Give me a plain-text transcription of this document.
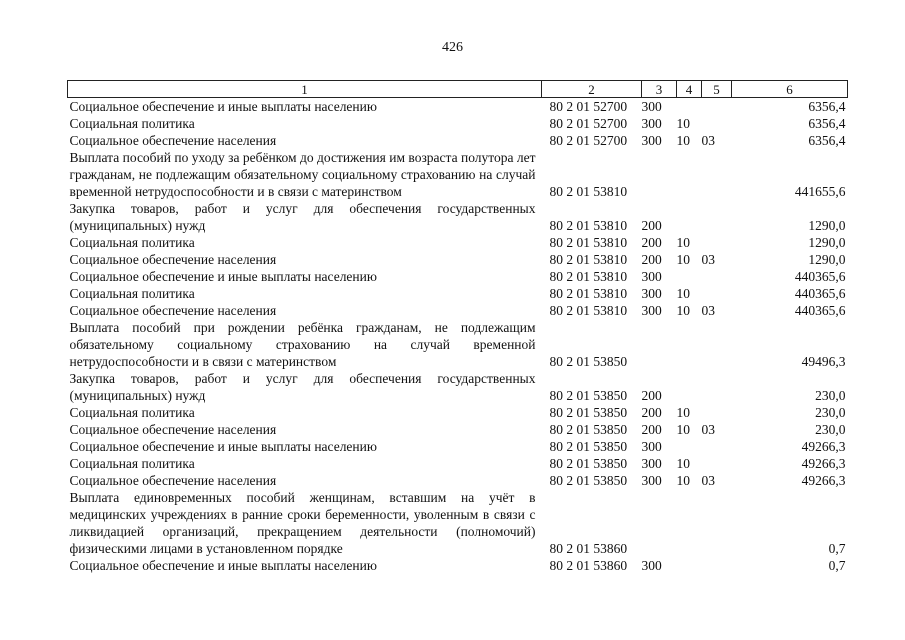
426
1	2	3	4	5	6
Социальное обеспечение и иные выплаты населению	80 2 01 52700	300			6356,4
Социальная политика	80 2 01 52700	300	10		6356,4
Социальное обеспечение населения	80 2 01 52700	300	10	03	6356,4
Выплата пособий по уходу за ребёнком до достижения им возраста полутора лет гражданам, не подлежащим обязательному социальному страхованию на случай временной нетрудоспособности и в связи с материнством	80 2 01 53810				441655,6
Закупка товаров, работ и услуг для обеспечения государственных (муниципальных) нужд	80 2 01 53810	200			1290,0
Социальная политика	80 2 01 53810	200	10		1290,0
Социальное обеспечение населения	80 2 01 53810	200	10	03	1290,0
Социальное обеспечение и иные выплаты населению	80 2 01 53810	300			440365,6
Социальная политика	80 2 01 53810	300	10		440365,6
Социальное обеспечение населения	80 2 01 53810	300	10	03	440365,6
Выплата пособий при рождении ребёнка гражданам, не подлежащим обязательному социальному страхованию на случай временной нетрудоспособности и в связи с материнством	80 2 01 53850				49496,3
Закупка товаров, работ и услуг для обеспечения государственных (муниципальных) нужд	80 2 01 53850	200			230,0
Социальная политика	80 2 01 53850	200	10		230,0
Социальное обеспечение населения	80 2 01 53850	200	10	03	230,0
Социальное обеспечение и иные выплаты населению	80 2 01 53850	300			49266,3
Социальная политика	80 2 01 53850	300	10		49266,3
Социальное обеспечение населения	80 2 01 53850	300	10	03	49266,3
Выплата единовременных пособий женщинам, вставшим на учёт в медицинских учреждениях в ранние сроки беременности, уволенным в связи с ликвидацией организаций, прекращением деятельности (полномочий) физическими лицами в установленном порядке	80 2 01 53860				0,7
Социальное обеспечение и иные выплаты населению	80 2 01 53860	300			0,7
